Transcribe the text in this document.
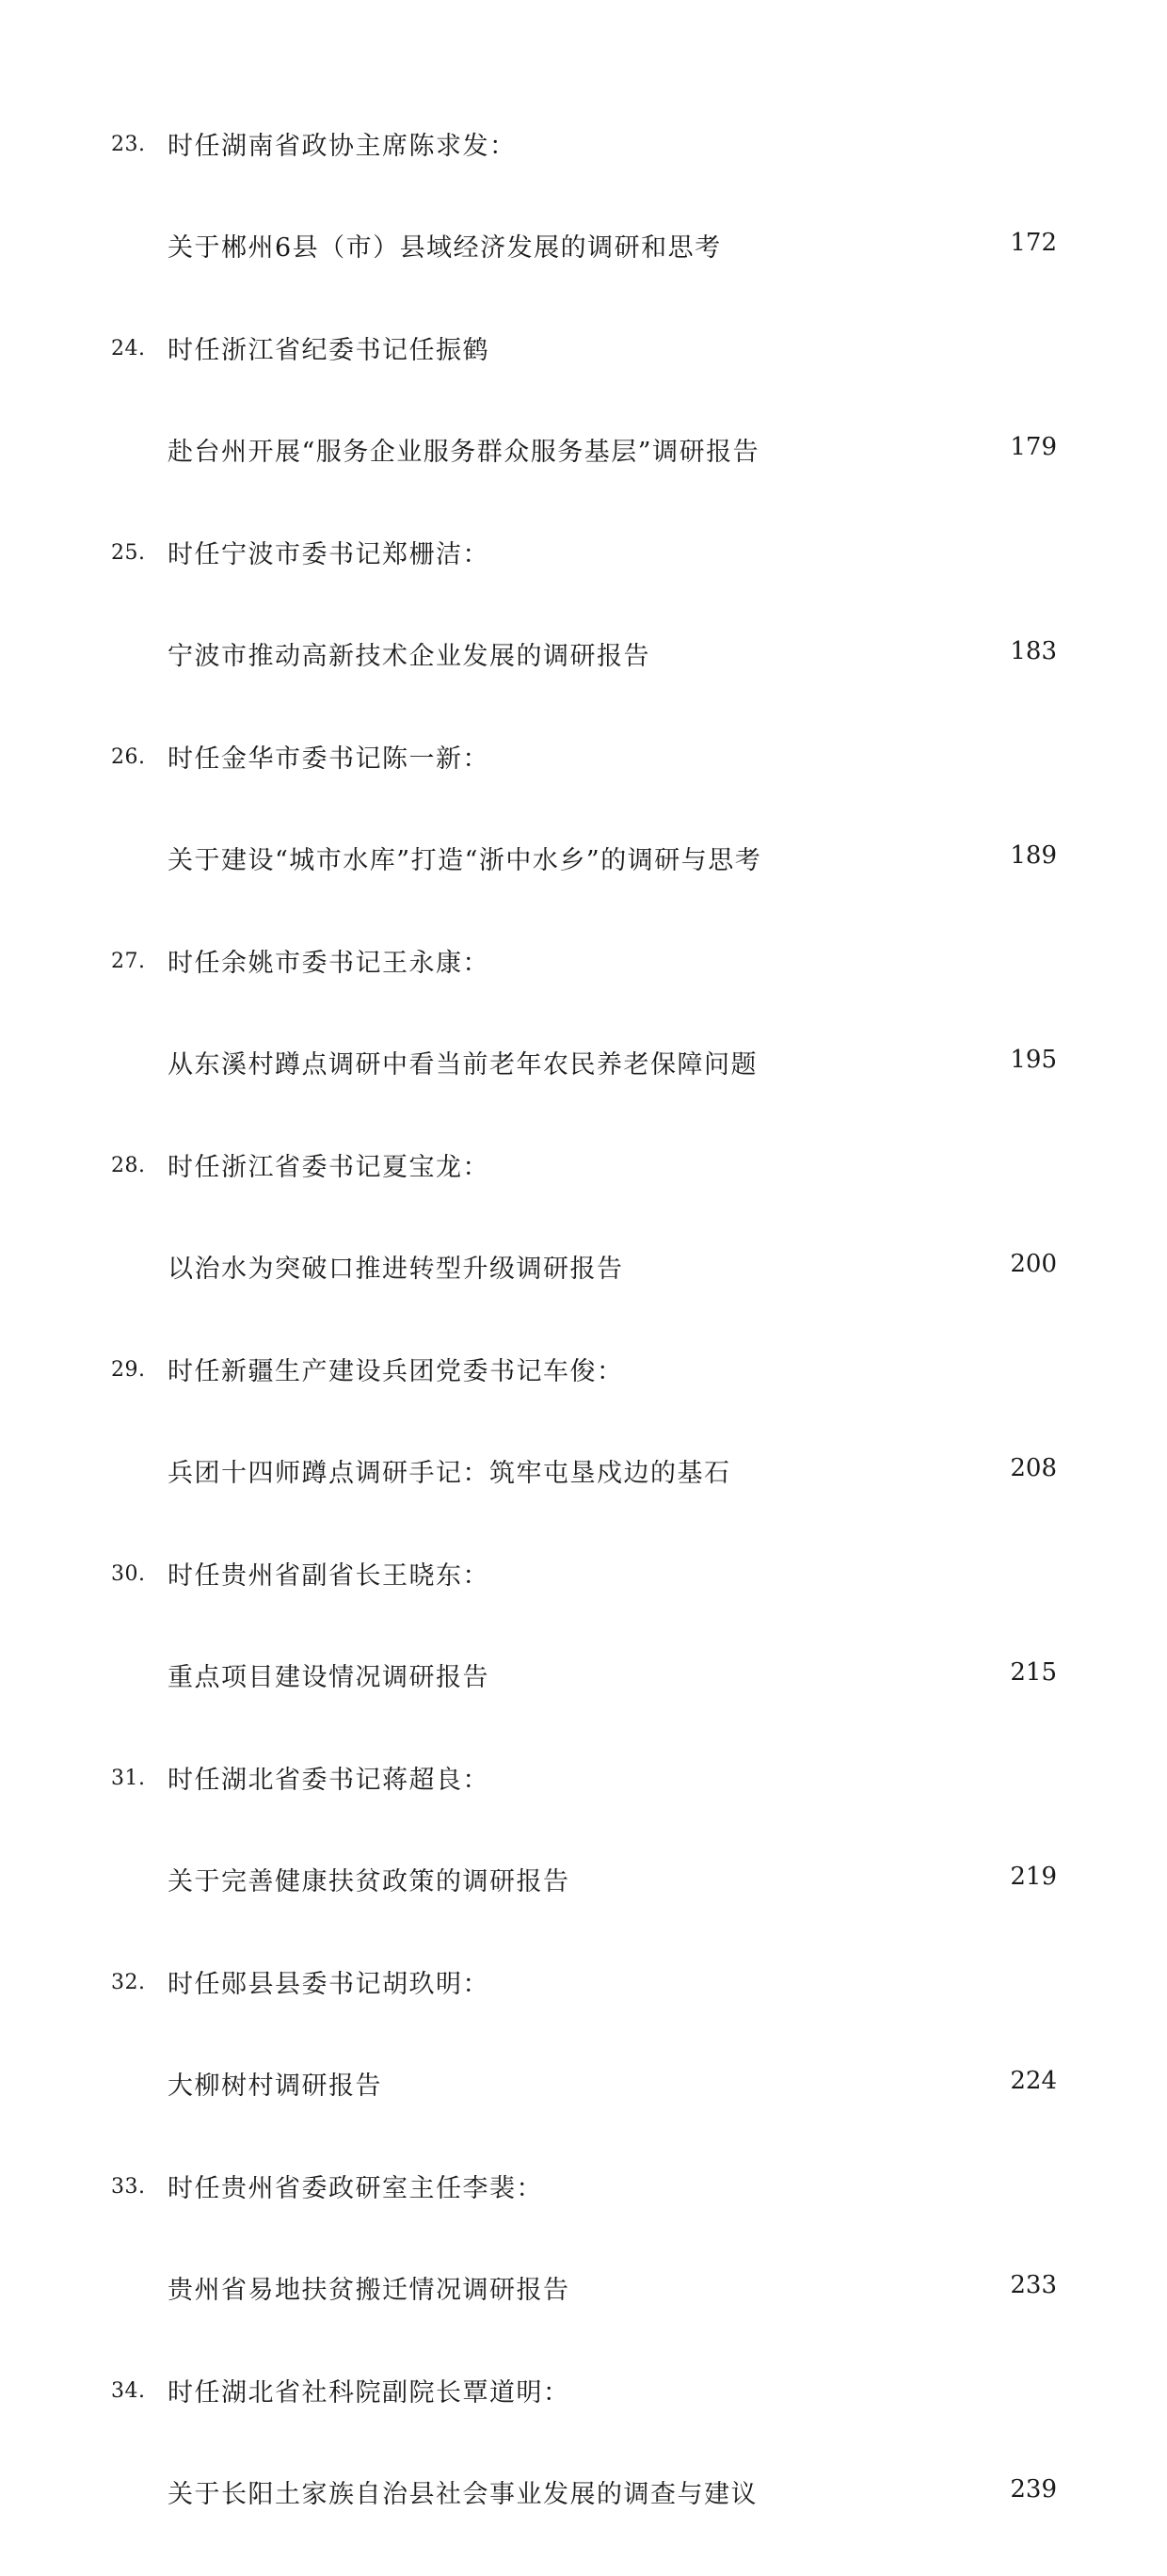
23. 时任湖南省政协主席陈求发：
关于郴州6县（市）县域经济发展的调研和思考	172
24. 时任浙江省纪委书记任振鹤
赴台州开展“服务企业服务群众服务基层”调研报告	179
25. 时任宁波市委书记郑栅洁：
宁波市推动高新技术企业发展的调研报告	183
26. 时任金华市委书记陈一新：
关于建设“城市水库”打造“浙中水乡”的调研与思考	189
27. 时任余姚市委书记王永康：
从东溪村蹲点调研中看当前老年农民养老保障问题	195
28. 时任浙江省委书记夏宝龙：
以治水为突破口推进转型升级调研报告	200
29. 时任新疆生产建设兵团党委书记车俊：
兵团十四师蹲点调研手记：筑牢屯垦戍边的基石	208
30. 时任贵州省副省长王晓东：
重点项目建设情况调研报告	215
31. 时任湖北省委书记蒋超良：
关于完善健康扶贫政策的调研报告	219
32. 时任郧县县委书记胡玖明：
大柳树村调研报告	224
33. 时任贵州省委政研室主任李裴：
贵州省易地扶贫搬迁情况调研报告	233
34. 时任湖北省社科院副院长覃道明：
关于长阳土家族自治县社会事业发展的调查与建议	239
